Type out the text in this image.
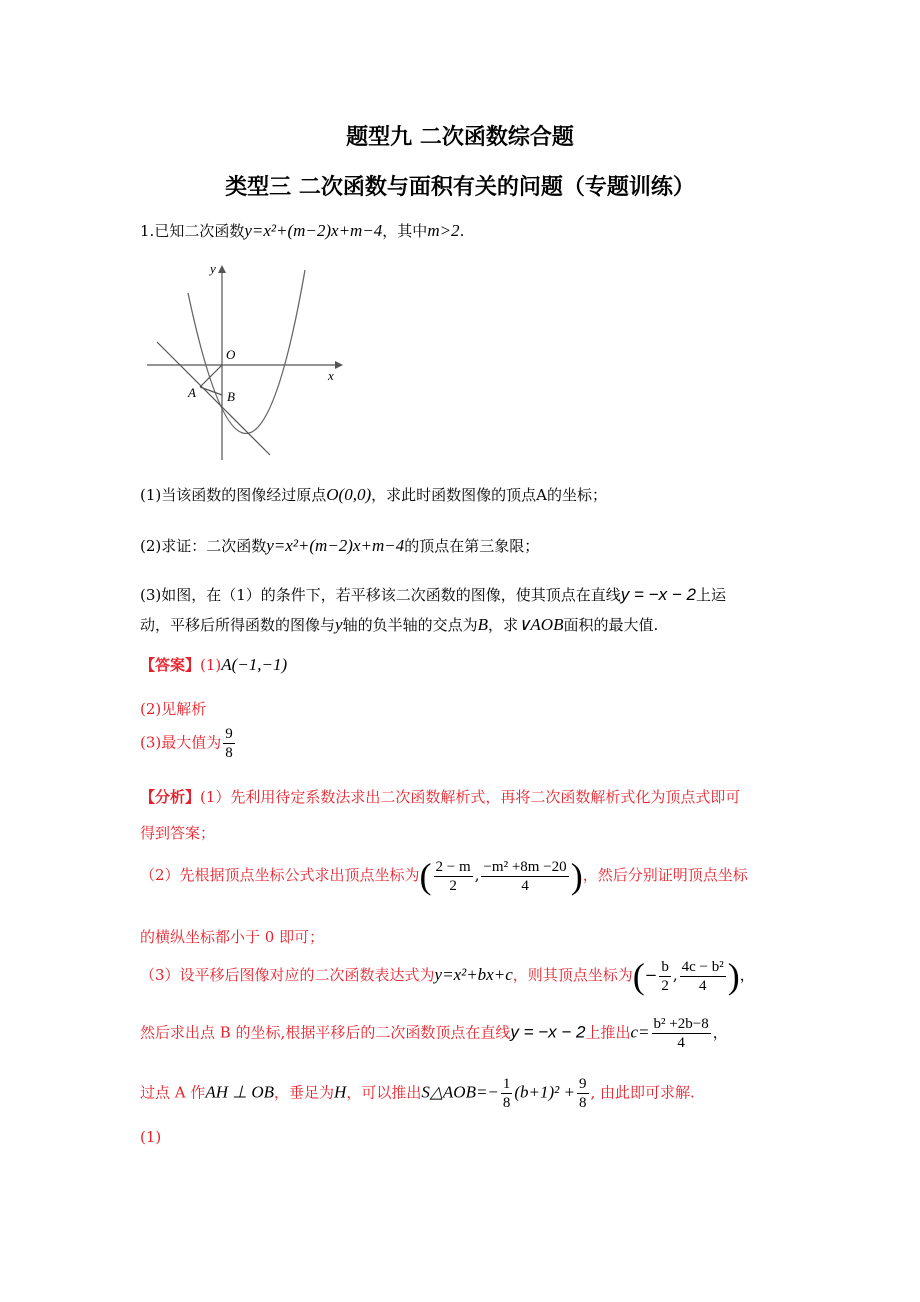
题型九 二次函数综合题
类型三 二次函数与面积有关的问题（专题训练）
1.已知二次函数y=x²+(m−2)x+m−4，其中m>2.
y
O
x
A B
(1)当该函数的图像经过原点O(0,0)，求此时函数图像的顶点A的坐标；
(2)求证：二次函数y=x²+(m−2)x+m−4的顶点在第三象限；
(3)如图，在（1）的条件下，若平移该二次函数的图像，使其顶点在直线y = −x − 2上运
动，平移后所得函数的图像与y轴的负半轴的交点为B，求∨AOB面积的最大值.
【答案】(1)A(−1,−1)
(2)见解析
(3)最大值为 $\frac{9}{8}$
【分析】(1）先利用待定系数法求出二次函数解析式，再将二次函数解析式化为顶点式即可
得到答案；
（2）先根据顶点坐标公式求出顶点坐标为( $\frac{2 - m}{2}$ , $\frac{\text{−m² +8m −20}}{4}$ )，然后分别证明顶点坐标
的横纵坐标都小于 0 即可；
（3）设平移后图像对应的二次函数表达式为y=x²+bx+c，则其顶点坐标为(− $\frac{b}{2}$ , $\frac{\text{4c − b²}}{4}$ )，
然后求出点 B 的坐标,根据平移后的二次函数顶点在直线y = −x − 2上推出$c= \frac{\text{b² +2b−8}}{4}$ ，
过点 A 作AH ⊥ OB，垂足为H，可以推出S△AOB=− $\frac{1}{8} (b+1)^2 + \frac{9}{8}$ , 由此即可求解.
(1)
